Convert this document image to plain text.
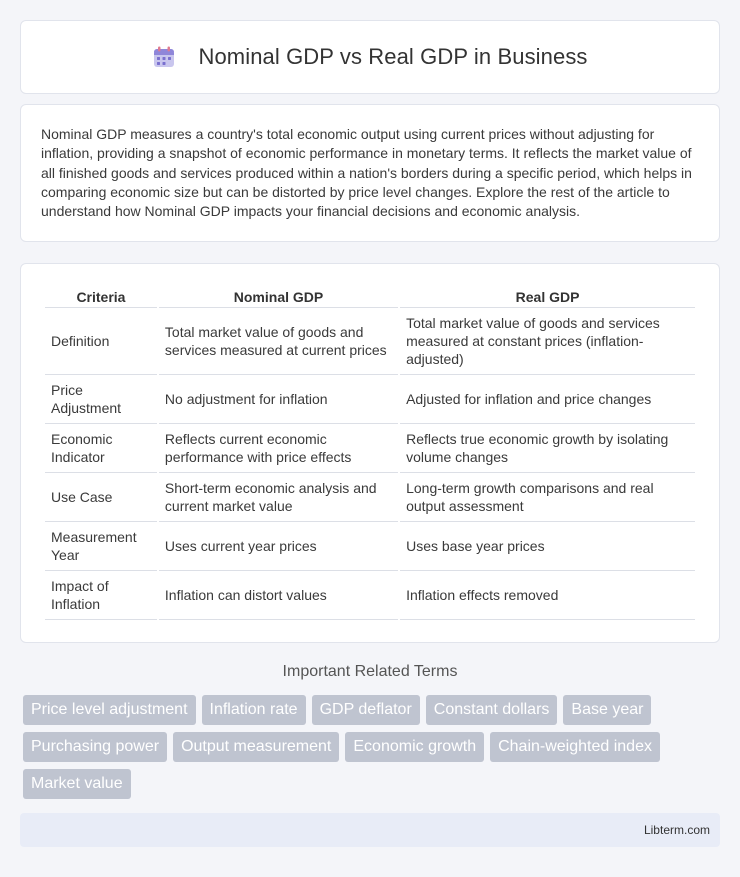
Nominal GDP vs Real GDP in Business

Nominal GDP measures a country's total economic output using current prices without adjusting for inflation, providing a snapshot of economic performance in monetary terms. It reflects the market value of all finished goods and services produced within a nation's borders during a specific period, which helps in comparing economic size but can be distorted by price level changes. Explore the rest of the article to understand how Nominal GDP impacts your financial decisions and economic analysis.

Criteria	Nominal GDP	Real GDP
Definition	Total market value of goods and services measured at current prices	Total market value of goods and services measured at constant prices (inflation-adjusted)
Price Adjustment	No adjustment for inflation	Adjusted for inflation and price changes
Economic Indicator	Reflects current economic performance with price effects	Reflects true economic growth by isolating volume changes
Use Case	Short-term economic analysis and current market value	Long-term growth comparisons and real output assessment
Measurement Year	Uses current year prices	Uses base year prices
Impact of Inflation	Inflation can distort values	Inflation effects removed
Important Related Terms
Price level adjustment	Inflation rate	GDP deflator	Constant dollars	Base year
Purchasing power	Output measurement	Economic growth	Chain-weighted index
Market value
Libterm.com
